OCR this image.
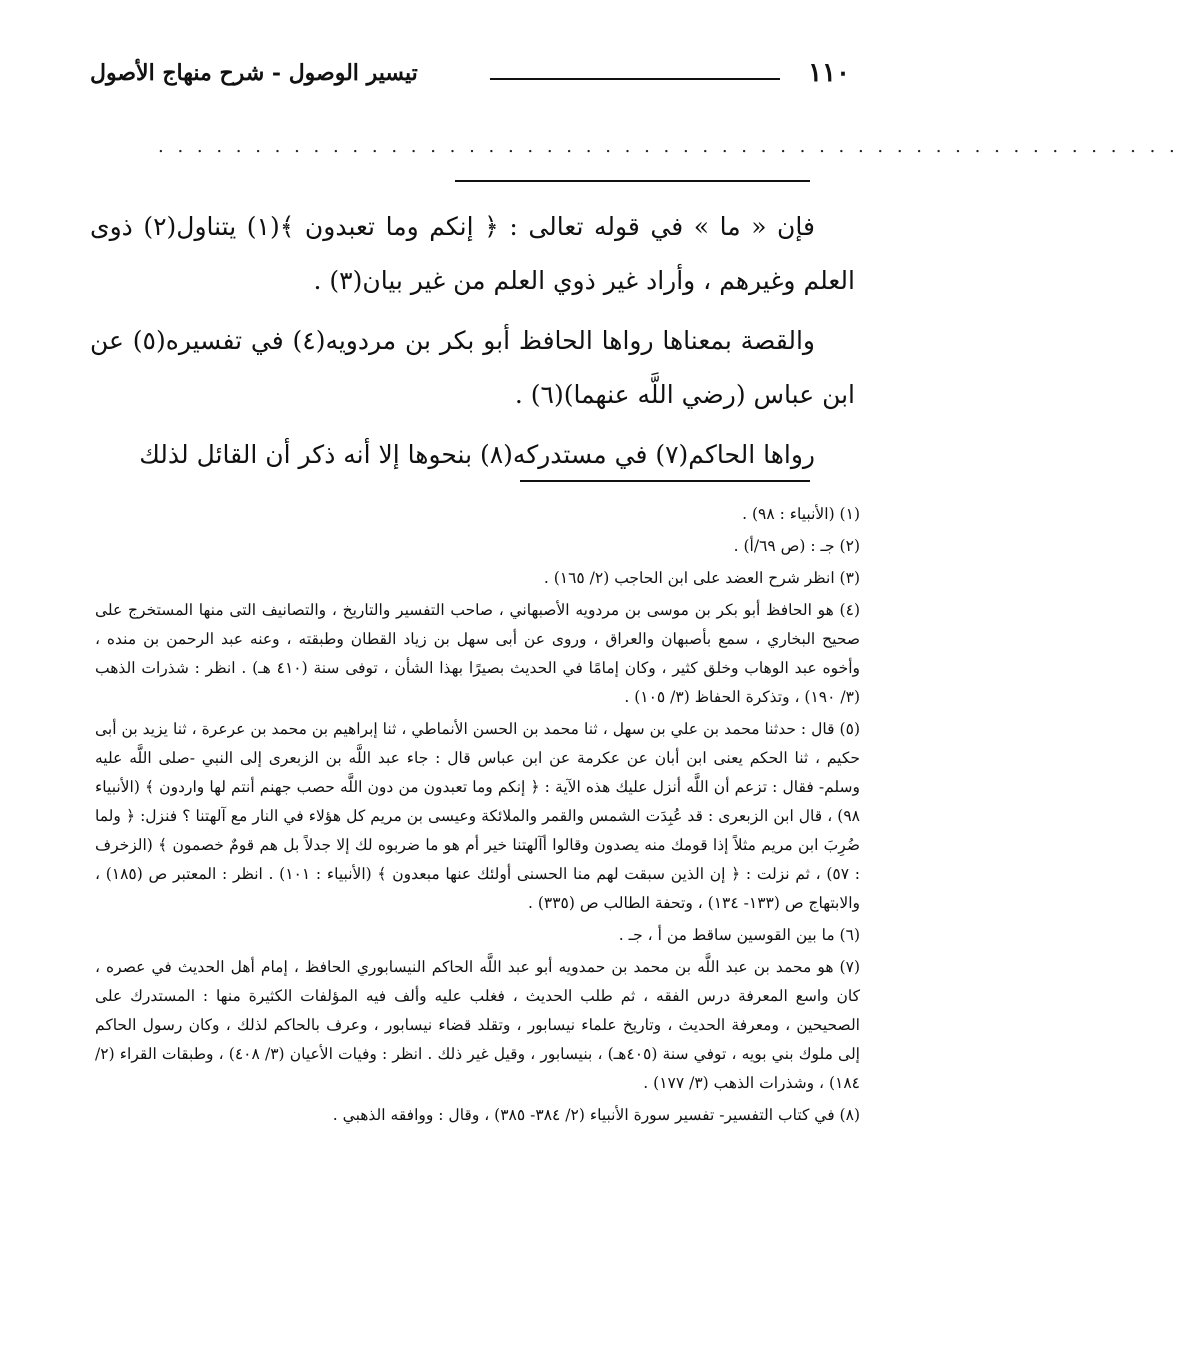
١١٠
تيسير الوصول - شرح منهاج الأصول
. . . . . . . . . . . . . . . . . . . . . . . . . . . . . . . . . . . . . . . . . . . . . . . . . . . . .

فإن « ما » في قوله تعالى : ﴿ إنكم وما تعبدون ﴾(١) يتناول(٢) ذوى العلم وغيرهم ، وأراد غير ذوي العلم من غير بيان(٣) .

والقصة بمعناها رواها الحافظ أبو بكر بن مردويه(٤) في تفسيره(٥) عن ابن عباس (رضي اللَّه عنهما)(٦) .

رواها الحاكم(٧) في مستدركه(٨) بنحوها إلا أنه ذكر أن القائل لذلك

(١) (الأنبياء : ٩٨) .
(٢) جـ : (ص ٦٩/أ) .
(٣) انظر شرح العضد على ابن الحاجب (٢/ ١٦٥) .
(٤) هو الحافظ أبو بكر بن موسى بن مردويه الأصبهاني ، صاحب التفسير والتاريخ ، والتصانيف التى منها المستخرج على صحيح البخاري ، سمع بأصبهان والعراق ، وروى عن أبى سهل بن زياد القطان وطبقته ، وعنه عبد الرحمن بن منده ، وأخوه عبد الوهاب وخلق كثير ، وكان إمامًا في الحديث بصيرًا بهذا الشأن ، توفى سنة (٤١٠ هـ) . انظر : شذرات الذهب (٣/ ١٩٠) ، وتذكرة الحفاظ (٣/ ١٠٥) .
(٥) قال : حدثنا محمد بن علي بن سهل ، ثنا محمد بن الحسن الأنماطي ، ثنا إبراهيم بن محمد بن عرعرة ، ثنا يزيد بن أبى حكيم ، ثنا الحكم يعنى ابن أبان عن عكرمة عن ابن عباس قال : جاء عبد اللَّه بن الزبعرى إلى النبي -صلى اللَّه عليه وسلم- فقال : تزعم أن اللَّه أنزل عليك هذه الآية : ﴿ إنكم وما تعبدون من دون اللَّه حصب جهنم أنتم لها واردون ﴾ (الأنبياء ٩٨) ، قال ابن الزبعرى : قد عُبِدَت الشمس والقمر والملائكة وعيسى بن مريم كل هؤلاء في النار مع آلهتنا ؟ فنزل: ﴿ ولما ضُرِبَ ابن مريم مثلاً إذا قومك منه يصدون وقالوا أآلهتنا خير أم هو ما ضربوه لك إلا جدلاً بل هم قومٌ خصمون ﴾ (الزخرف : ٥٧) ، ثم نزلت : ﴿ إن الذين سبقت لهم منا الحسنى أولئك عنها مبعدون ﴾ (الأنبياء : ١٠١) . انظر : المعتبر ص (١٨٥) ، والابتهاج ص (١٣٣- ١٣٤) ، وتحفة الطالب ص (٣٣٥) .
(٦) ما بين القوسين ساقط من أ ، جـ .
(٧) هو محمد بن عبد اللَّه بن محمد بن حمدويه أبو عبد اللَّه الحاكم النيسابوري الحافظ ، إمام أهل الحديث في عصره ، كان واسع المعرفة درس الفقه ، ثم طلب الحديث ، فغلب عليه وألف فيه المؤلفات الكثيرة منها : المستدرك على الصحيحين ، ومعرفة الحديث ، وتاريخ علماء نيسابور ، وتقلد قضاء نيسابور ، وعرف بالحاكم لذلك ، وكان رسول الحاكم إلى ملوك بني بويه ، توفي سنة (٤٠٥هـ) ، بنيسابور ، وقيل غير ذلك . انظر : وفيات الأعيان (٣/ ٤٠٨) ، وطبقات القراء (٢/ ١٨٤) ، وشذرات الذهب (٣/ ١٧٧) .
(٨) في كتاب التفسير- تفسير سورة الأنبياء (٢/ ٣٨٤- ٣٨٥) ، وقال : ووافقه الذهبي .
